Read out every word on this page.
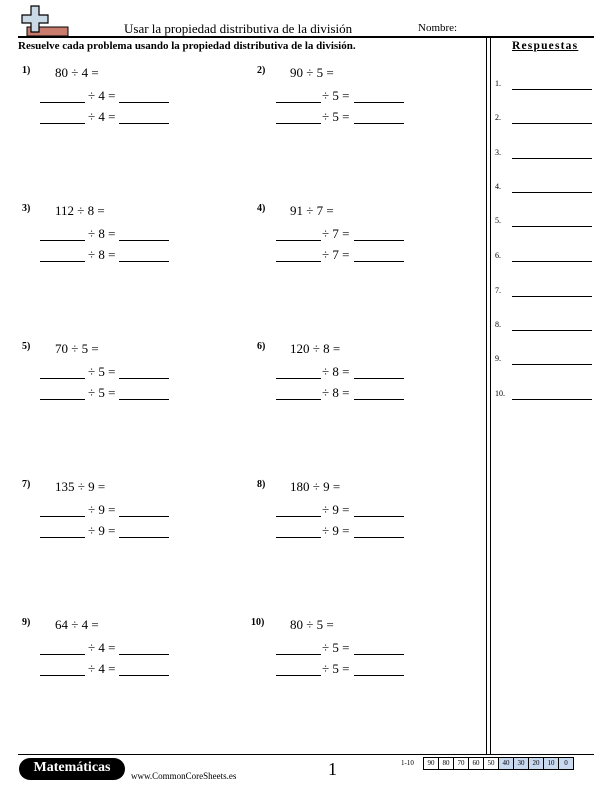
Usar la propiedad distributiva de la división	Nombre:
Resuelve cada problema usando la propiedad distributiva de la división.	Respuestas
1.
2.
3.
4.
5.
6.
7.
8.
9.
10.
1) 80 ÷ 4 =
÷ 4 =
÷ 4 =
2) 90 ÷ 5 =
÷ 5 =
÷ 5 =
3) 112 ÷ 8 =
÷ 8 =
÷ 8 =
4) 91 ÷ 7 =
÷ 7 =
÷ 7 =
5) 70 ÷ 5 =
÷ 5 =
÷ 5 =
6) 120 ÷ 8 =
÷ 8 =
÷ 8 =
7) 135 ÷ 9 =
÷ 9 =
÷ 9 =
8) 180 ÷ 9 =
÷ 9 =
÷ 9 =
9) 64 ÷ 4 =
÷ 4 =
÷ 4 =
10) 80 ÷ 5 =
÷ 5 =
÷ 5 =
Matemáticas
www.CommonCoreSheets.es	1	1-10	90	80	70	60	50	40	30	20	10	0
